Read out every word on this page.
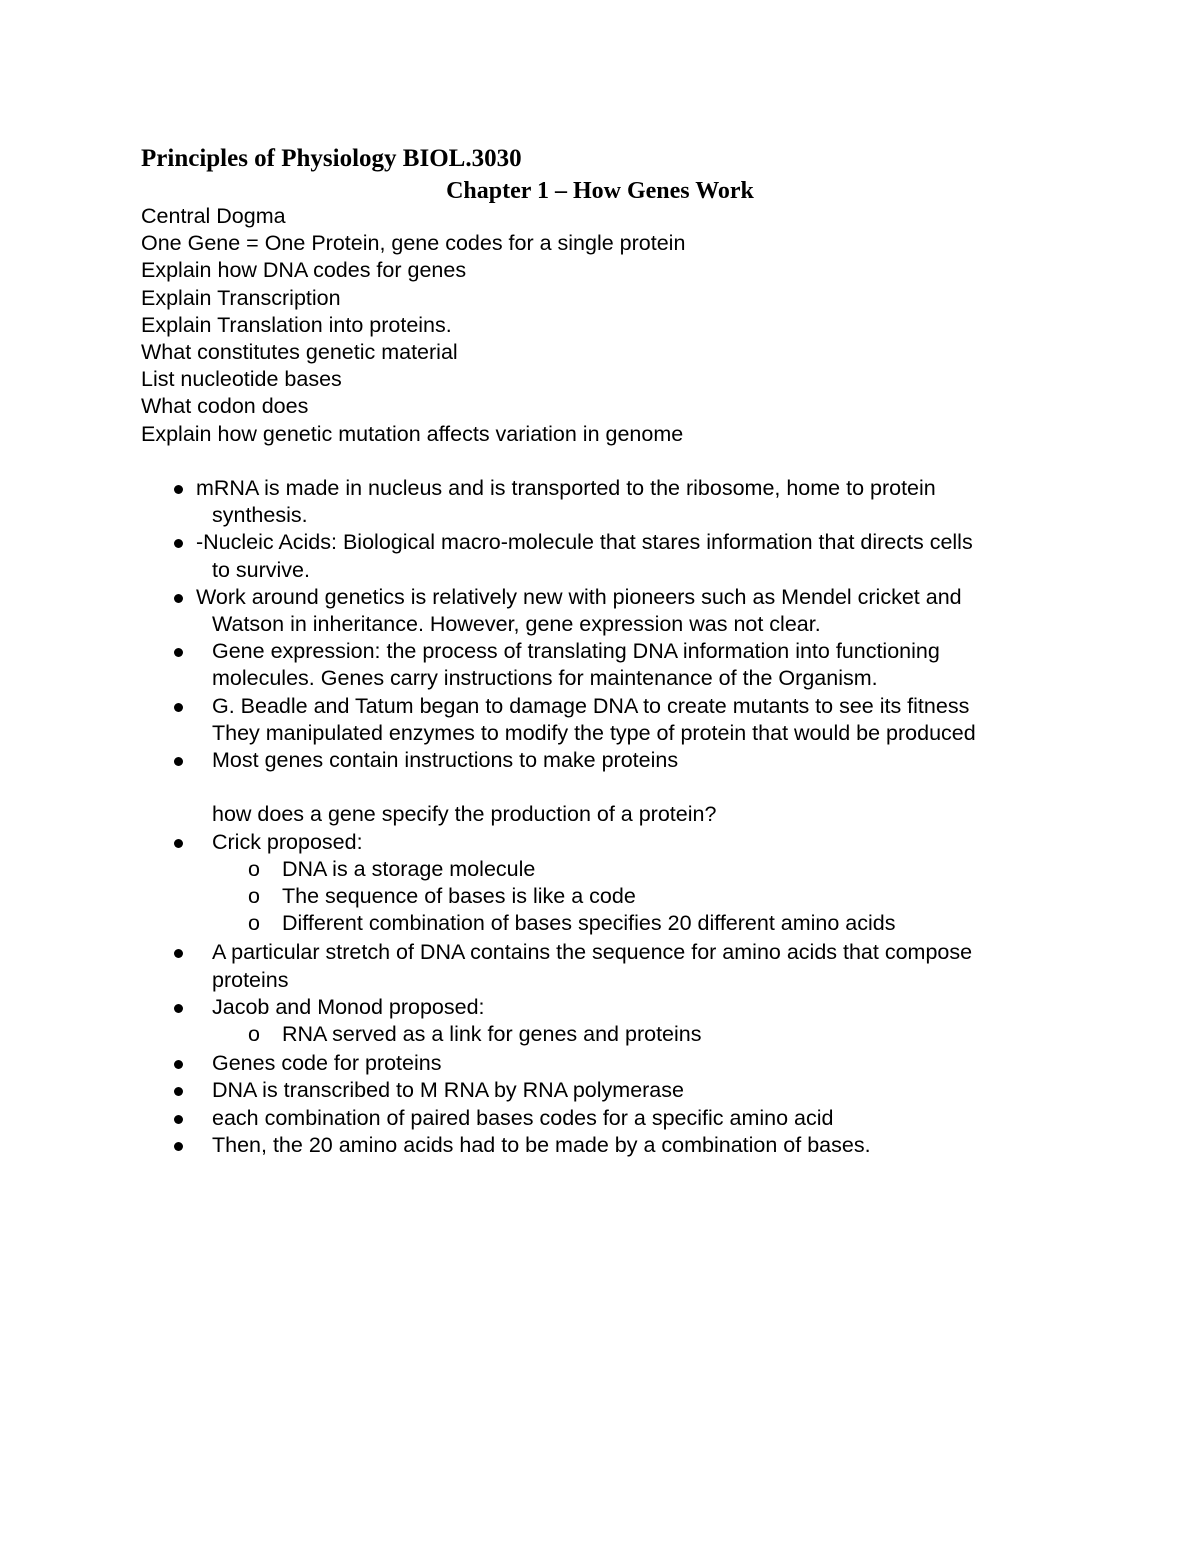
Principles of Physiology BIOL.3030
Chapter 1 – How Genes Work
Central Dogma
One Gene = One Protein, gene codes for a single protein
Explain how DNA codes for genes
Explain Transcription
Explain Translation into proteins.
What constitutes genetic material
List nucleotide bases
What codon does
Explain how genetic mutation affects variation in genome
mRNA is made in nucleus and is transported to the ribosome, home to protein
synthesis.
-Nucleic Acids: Biological macro-molecule that stares information that directs cells
to survive.
Work around genetics is relatively new with pioneers such as Mendel cricket and
Watson in inheritance. However, gene expression was not clear.
Gene expression: the process of translating DNA information into functioning
molecules. Genes carry instructions for maintenance of the Organism.
G. Beadle and Tatum began to damage DNA to create mutants to see its fitness
They manipulated enzymes to modify the type of protein that would be produced
Most genes contain instructions to make proteins
how does a gene specify the production of a protein?
Crick proposed:
o DNA is a storage molecule
o The sequence of bases is like a code
o Different combination of bases specifies 20 different amino acids
A particular stretch of DNA contains the sequence for amino acids that compose
proteins
Jacob and Monod proposed:
o RNA served as a link for genes and proteins
Genes code for proteins
DNA is transcribed to M RNA by RNA polymerase
each combination of paired bases codes for a specific amino acid
Then, the 20 amino acids had to be made by a combination of bases.
